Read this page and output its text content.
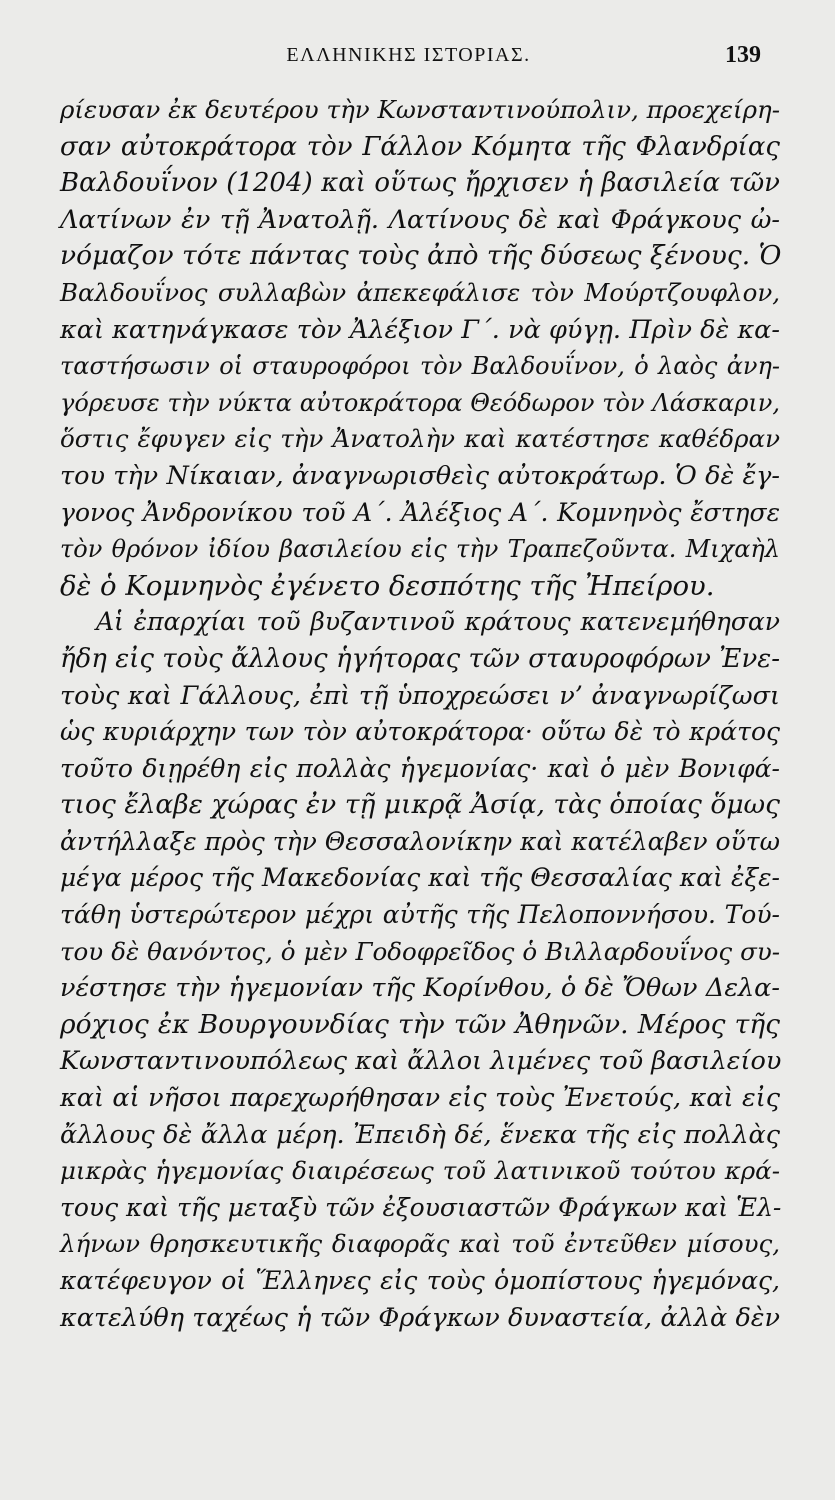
ΕΛΛΗΝΙΚΗΣ ΙΣΤΟΡΙΑΣ.	139
ρίευσαν ἐκ δευτέρου τὴν Κωνσταντινούπολιν, προεχείρη-
σαν αὐτοκράτορα τὸν Γάλλον Κόμητα τῆς Φλανδρίας
Βαλδουΐνον (1204) καὶ οὕτως ἤρχισεν ἡ βασιλεία τῶν
Λατίνων ἐν τῇ Ἀνατολῇ. Λατίνους δὲ καὶ Φράγκους ὠ-
νόμαζον τότε πάντας τοὺς ἀπὸ τῆς δύσεως ξένους. Ὁ
Βαλδουΐνος συλλαβὼν ἀπεκεφάλισε τὸν Μούρτζουφλον,
καὶ κατηνάγκασε τὸν Ἀλέξιον Γ΄. νὰ φύγῃ. Πρὶν δὲ κα-
ταστήσωσιν οἱ σταυροφόροι τὸν Βαλδουΐνον, ὁ λαὸς ἀνη-
γόρευσε τὴν νύκτα αὐτοκράτορα Θεόδωρον τὸν Λάσκαριν,
ὅστις ἔφυγεν εἰς τὴν Ἀνατολὴν καὶ κατέστησε καθέδραν
του τὴν Νίκαιαν, ἀναγνωρισθεὶς αὐτοκράτωρ. Ὁ δὲ ἔγ-
γονος Ἀνδρονίκου τοῦ Α΄. Ἀλέξιος Α΄. Κομνηνὸς ἔστησε
τὸν θρόνον ἰδίου βασιλείου εἰς τὴν Τραπεζοῦντα. Μιχαὴλ
δὲ ὁ Κομνηνὸς ἐγένετο δεσπότης τῆς Ἠπείρου.
Αἱ ἐπαρχίαι τοῦ βυζαντινοῦ κράτους κατενεμήθησαν
ἤδη εἰς τοὺς ἄλλους ἡγήτορας τῶν σταυροφόρων Ἐνε-
τοὺς καὶ Γάλλους, ἐπὶ τῇ ὑποχρεώσει ν’ ἀναγνωρίζωσι
ὡς κυριάρχην των τὸν αὐτοκράτορα· οὕτω δὲ τὸ κράτος
τοῦτο διῃρέθη εἰς πολλὰς ἡγεμονίας· καὶ ὁ μὲν Βονιφά-
τιος ἔλαβε χώρας ἐν τῇ μικρᾷ Ἀσίᾳ, τὰς ὁποίας ὅμως
ἀντήλλαξε πρὸς τὴν Θεσσαλονίκην καὶ κατέλαβεν οὕτω
μέγα μέρος τῆς Μακεδονίας καὶ τῆς Θεσσαλίας καὶ ἐξε-
τάθη ὑστερώτερον μέχρι αὐτῆς τῆς Πελοποννήσου. Τού-
του δὲ θανόντος, ὁ μὲν Γοδοφρεῖδος ὁ Βιλλαρδουΐνος συ-
νέστησε τὴν ἡγεμονίαν τῆς Κορίνθου, ὁ δὲ Ὄθων Δελα-
ρόχιος ἐκ Βουργουνδίας τὴν τῶν Ἀθηνῶν. Μέρος τῆς
Κωνσταντινουπόλεως καὶ ἄλλοι λιμένες τοῦ βασιλείου
καὶ αἱ νῆσοι παρεχωρήθησαν εἰς τοὺς Ἐνετούς, καὶ εἰς
ἄλλους δὲ ἄλλα μέρη. Ἐπειδὴ δέ, ἕνεκα τῆς εἰς πολλὰς
μικρὰς ἡγεμονίας διαιρέσεως τοῦ λατινικοῦ τούτου κρά-
τους καὶ τῆς μεταξὺ τῶν ἐξουσιαστῶν Φράγκων καὶ Ἑλ-
λήνων θρησκευτικῆς διαφορᾶς καὶ τοῦ ἐντεῦθεν μίσους,
κατέφευγον οἱ Ἕλληνες εἰς τοὺς ὁμοπίστους ἡγεμόνας,
κατελύθη ταχέως ἡ τῶν Φράγκων δυναστεία, ἀλλὰ δὲν
